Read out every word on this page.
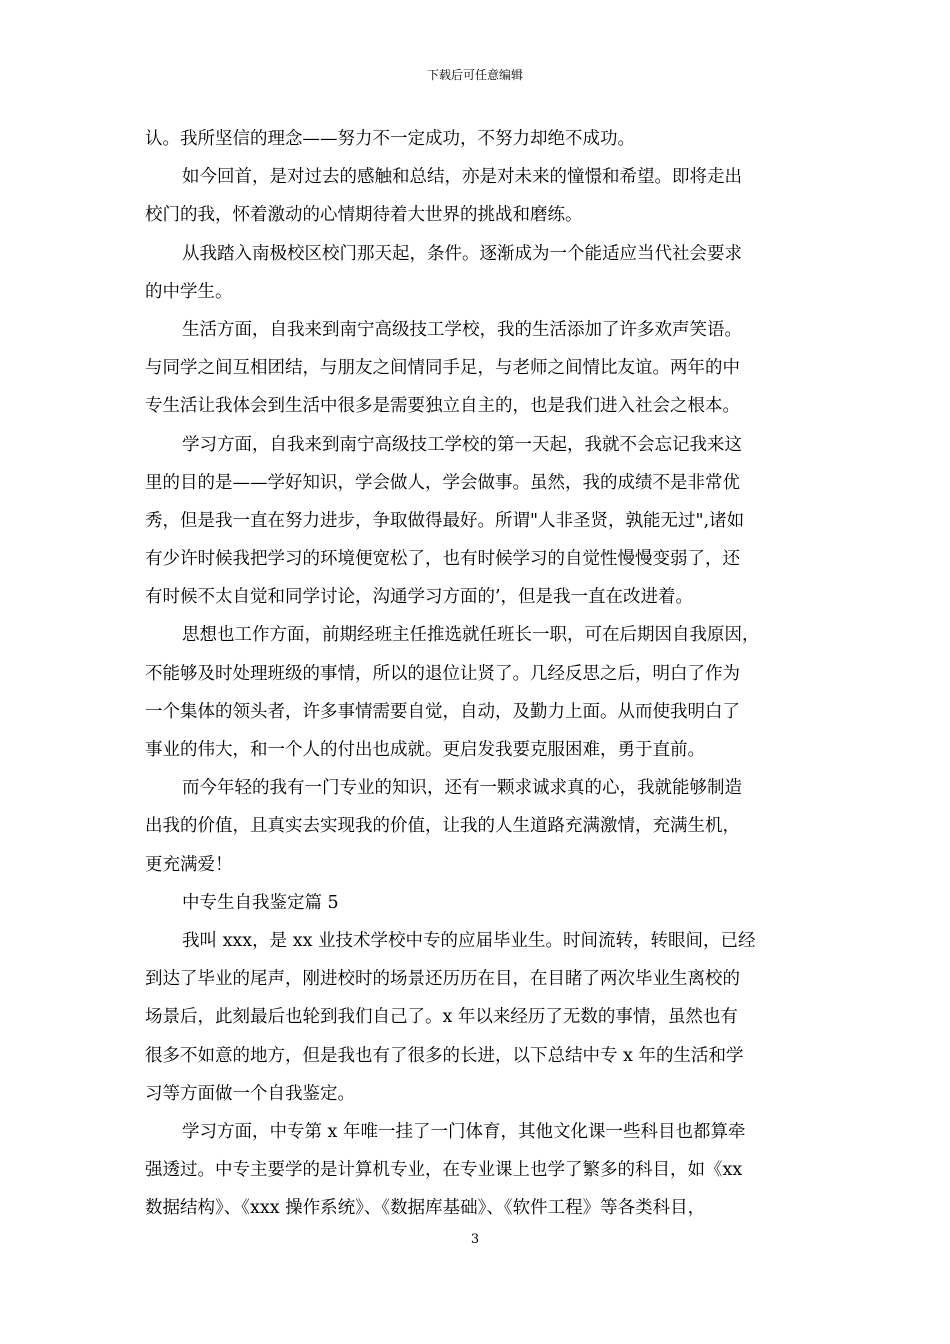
下载后可任意编辑
认。我所坚信的理念——努力不一定成功，不努力却绝不成功。
如今回首，是对过去的感触和总结，亦是对未来的憧憬和希望。即将走出
校门的我，怀着激动的心情期待着大世界的挑战和磨练。
从我踏入南极校区校门那天起，条件。逐渐成为一个能适应当代社会要求
的中学生。
生活方面，自我来到南宁高级技工学校，我的生活添加了许多欢声笑语。
与同学之间互相团结，与朋友之间情同手足，与老师之间情比友谊。两年的中
专生活让我体会到生活中很多是需要独立自主的，也是我们进入社会之根本。
学习方面，自我来到南宁高级技工学校的第一天起，我就不会忘记我来这
里的目的是——学好知识，学会做人，学会做事。虽然，我的成绩不是非常优
秀，但是我一直在努力进步，争取做得最好。所谓"人非圣贤，孰能无过",诸如
有少许时候我把学习的环境便宽松了，也有时候学习的自觉性慢慢变弱了，还
有时候不太自觉和同学讨论，沟通学习方面的’，但是我一直在改进着。
思想也工作方面，前期经班主任推选就任班长一职，可在后期因自我原因，
不能够及时处理班级的事情，所以的退位让贤了。几经反思之后，明白了作为
一个集体的领头者，许多事情需要自觉，自动，及勤力上面。从而使我明白了
事业的伟大，和一个人的付出也成就。更启发我要克服困难，勇于直前。
而今年轻的我有一门专业的知识，还有一颗求诚求真的心，我就能够制造
出我的价值，且真实去实现我的价值，让我的人生道路充满激情，充满生机，
更充满爱！
中专生自我鉴定篇 5
我叫 xxx，是 xx 业技术学校中专的应届毕业生。时间流转，转眼间，已经
到达了毕业的尾声，刚进校时的场景还历历在目，在目睹了两次毕业生离校的
场景后，此刻最后也轮到我们自己了。x 年以来经历了无数的事情，虽然也有
很多不如意的地方，但是我也有了很多的长进，以下总结中专 x 年的生活和学
习等方面做一个自我鉴定。
学习方面，中专第 x 年唯一挂了一门体育，其他文化课一些科目也都算牵
强透过。中专主要学的是计算机专业，在专业课上也学了繁多的科目，如《xx
数据结构》、《xxx 操作系统》、《数据库基础》、《软件工程》等各类科目，
3
